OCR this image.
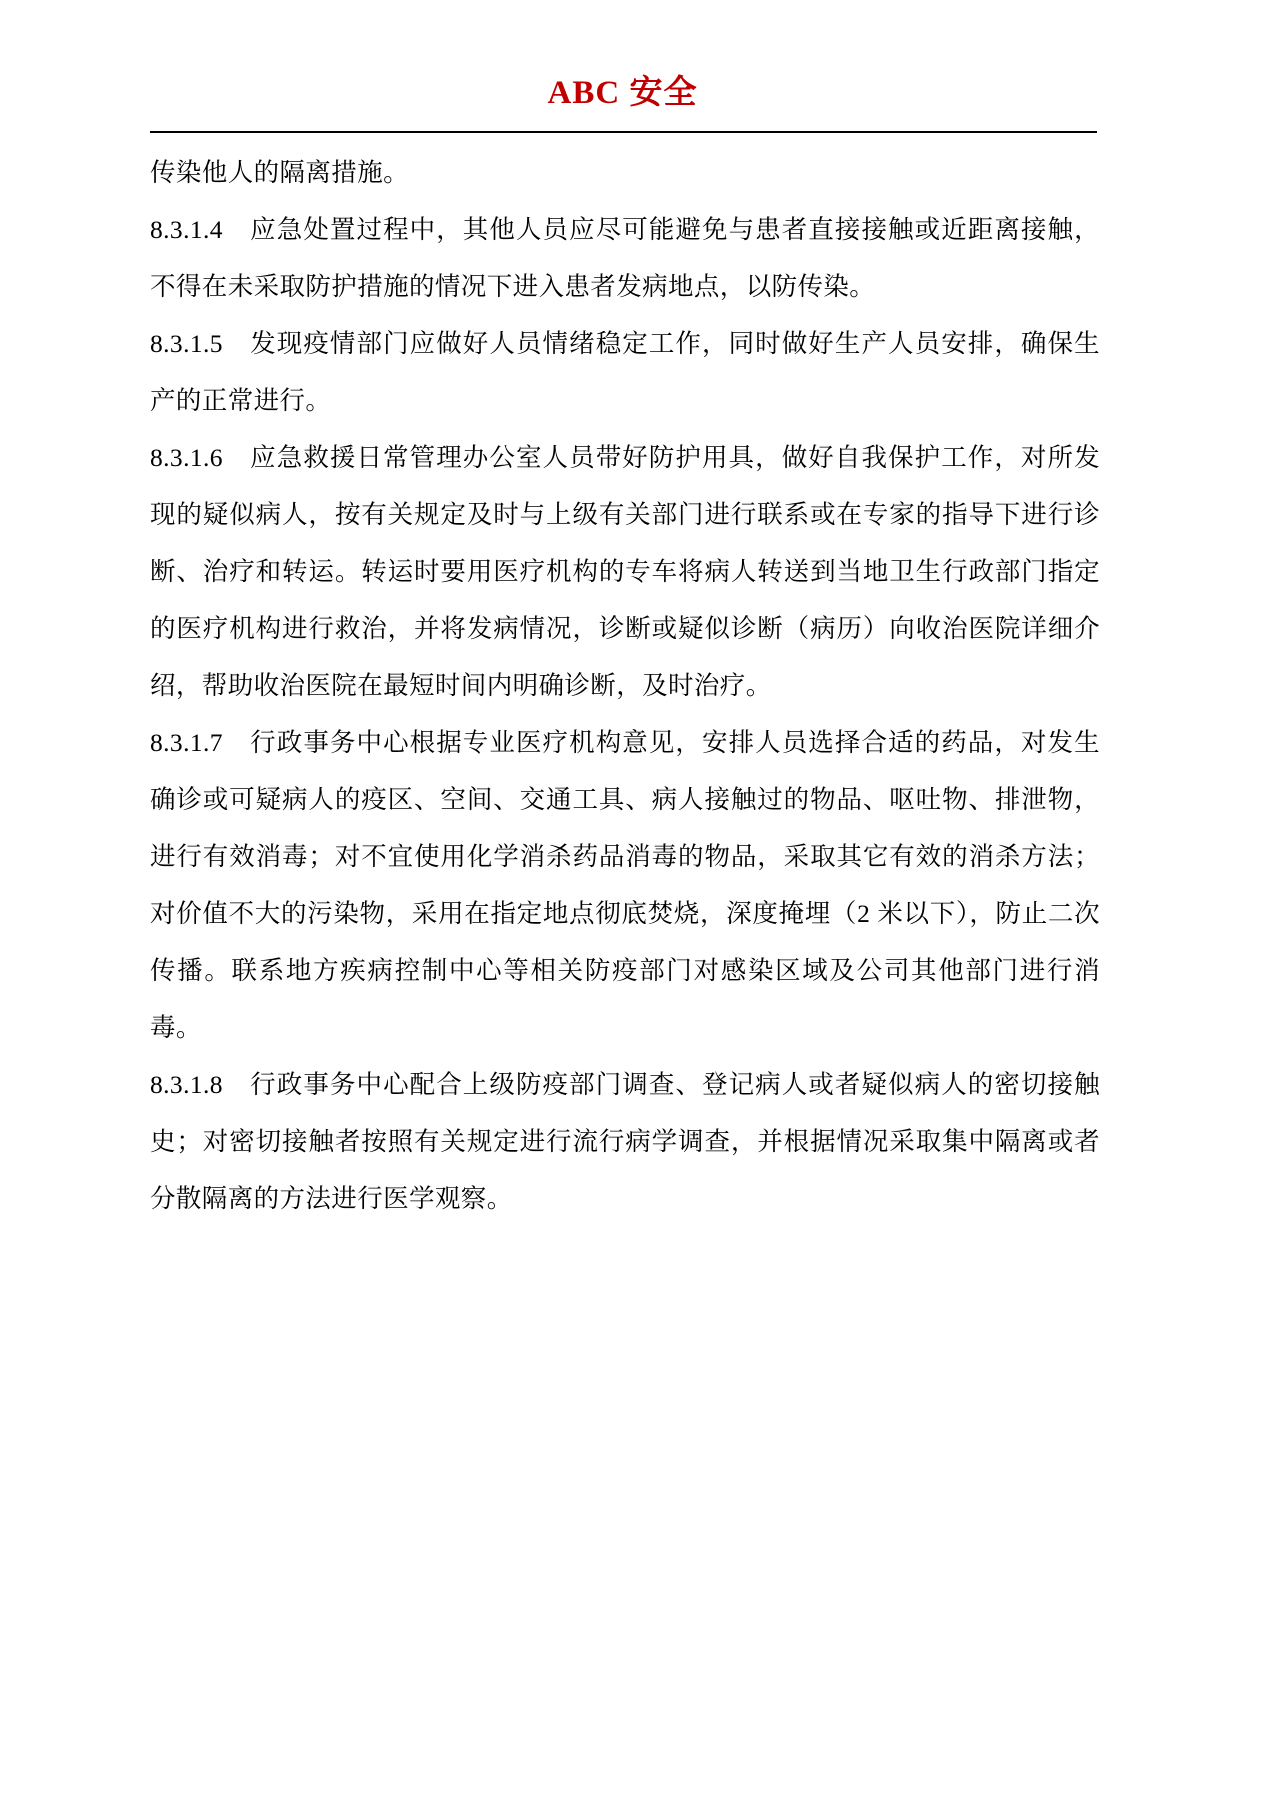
ABC 安全

传染他人的隔离措施。

8.3.1.4　应急处置过程中，其他人员应尽可能避免与患者直接接触或近距离接触，不得在未采取防护措施的情况下进入患者发病地点，以防传染。

8.3.1.5　发现疫情部门应做好人员情绪稳定工作，同时做好生产人员安排，确保生产的正常进行。

8.3.1.6　应急救援日常管理办公室人员带好防护用具，做好自我保护工作，对所发现的疑似病人，按有关规定及时与上级有关部门进行联系或在专家的指导下进行诊断、治疗和转运。转运时要用医疗机构的专车将病人转送到当地卫生行政部门指定的医疗机构进行救治，并将发病情况，诊断或疑似诊断（病历）向收治医院详细介绍，帮助收治医院在最短时间内明确诊断，及时治疗。

8.3.1.7　行政事务中心根据专业医疗机构意见，安排人员选择合适的药品，对发生确诊或可疑病人的疫区、空间、交通工具、病人接触过的物品、呕吐物、排泄物，进行有效消毒；对不宜使用化学消杀药品消毒的物品，采取其它有效的消杀方法；对价值不大的污染物，采用在指定地点彻底焚烧，深度掩埋（2 米以下），防止二次传播。联系地方疾病控制中心等相关防疫部门对感染区域及公司其他部门进行消毒。

8.3.1.8　行政事务中心配合上级防疫部门调查、登记病人或者疑似病人的密切接触史；对密切接触者按照有关规定进行流行病学调查，并根据情况采取集中隔离或者分散隔离的方法进行医学观察。
